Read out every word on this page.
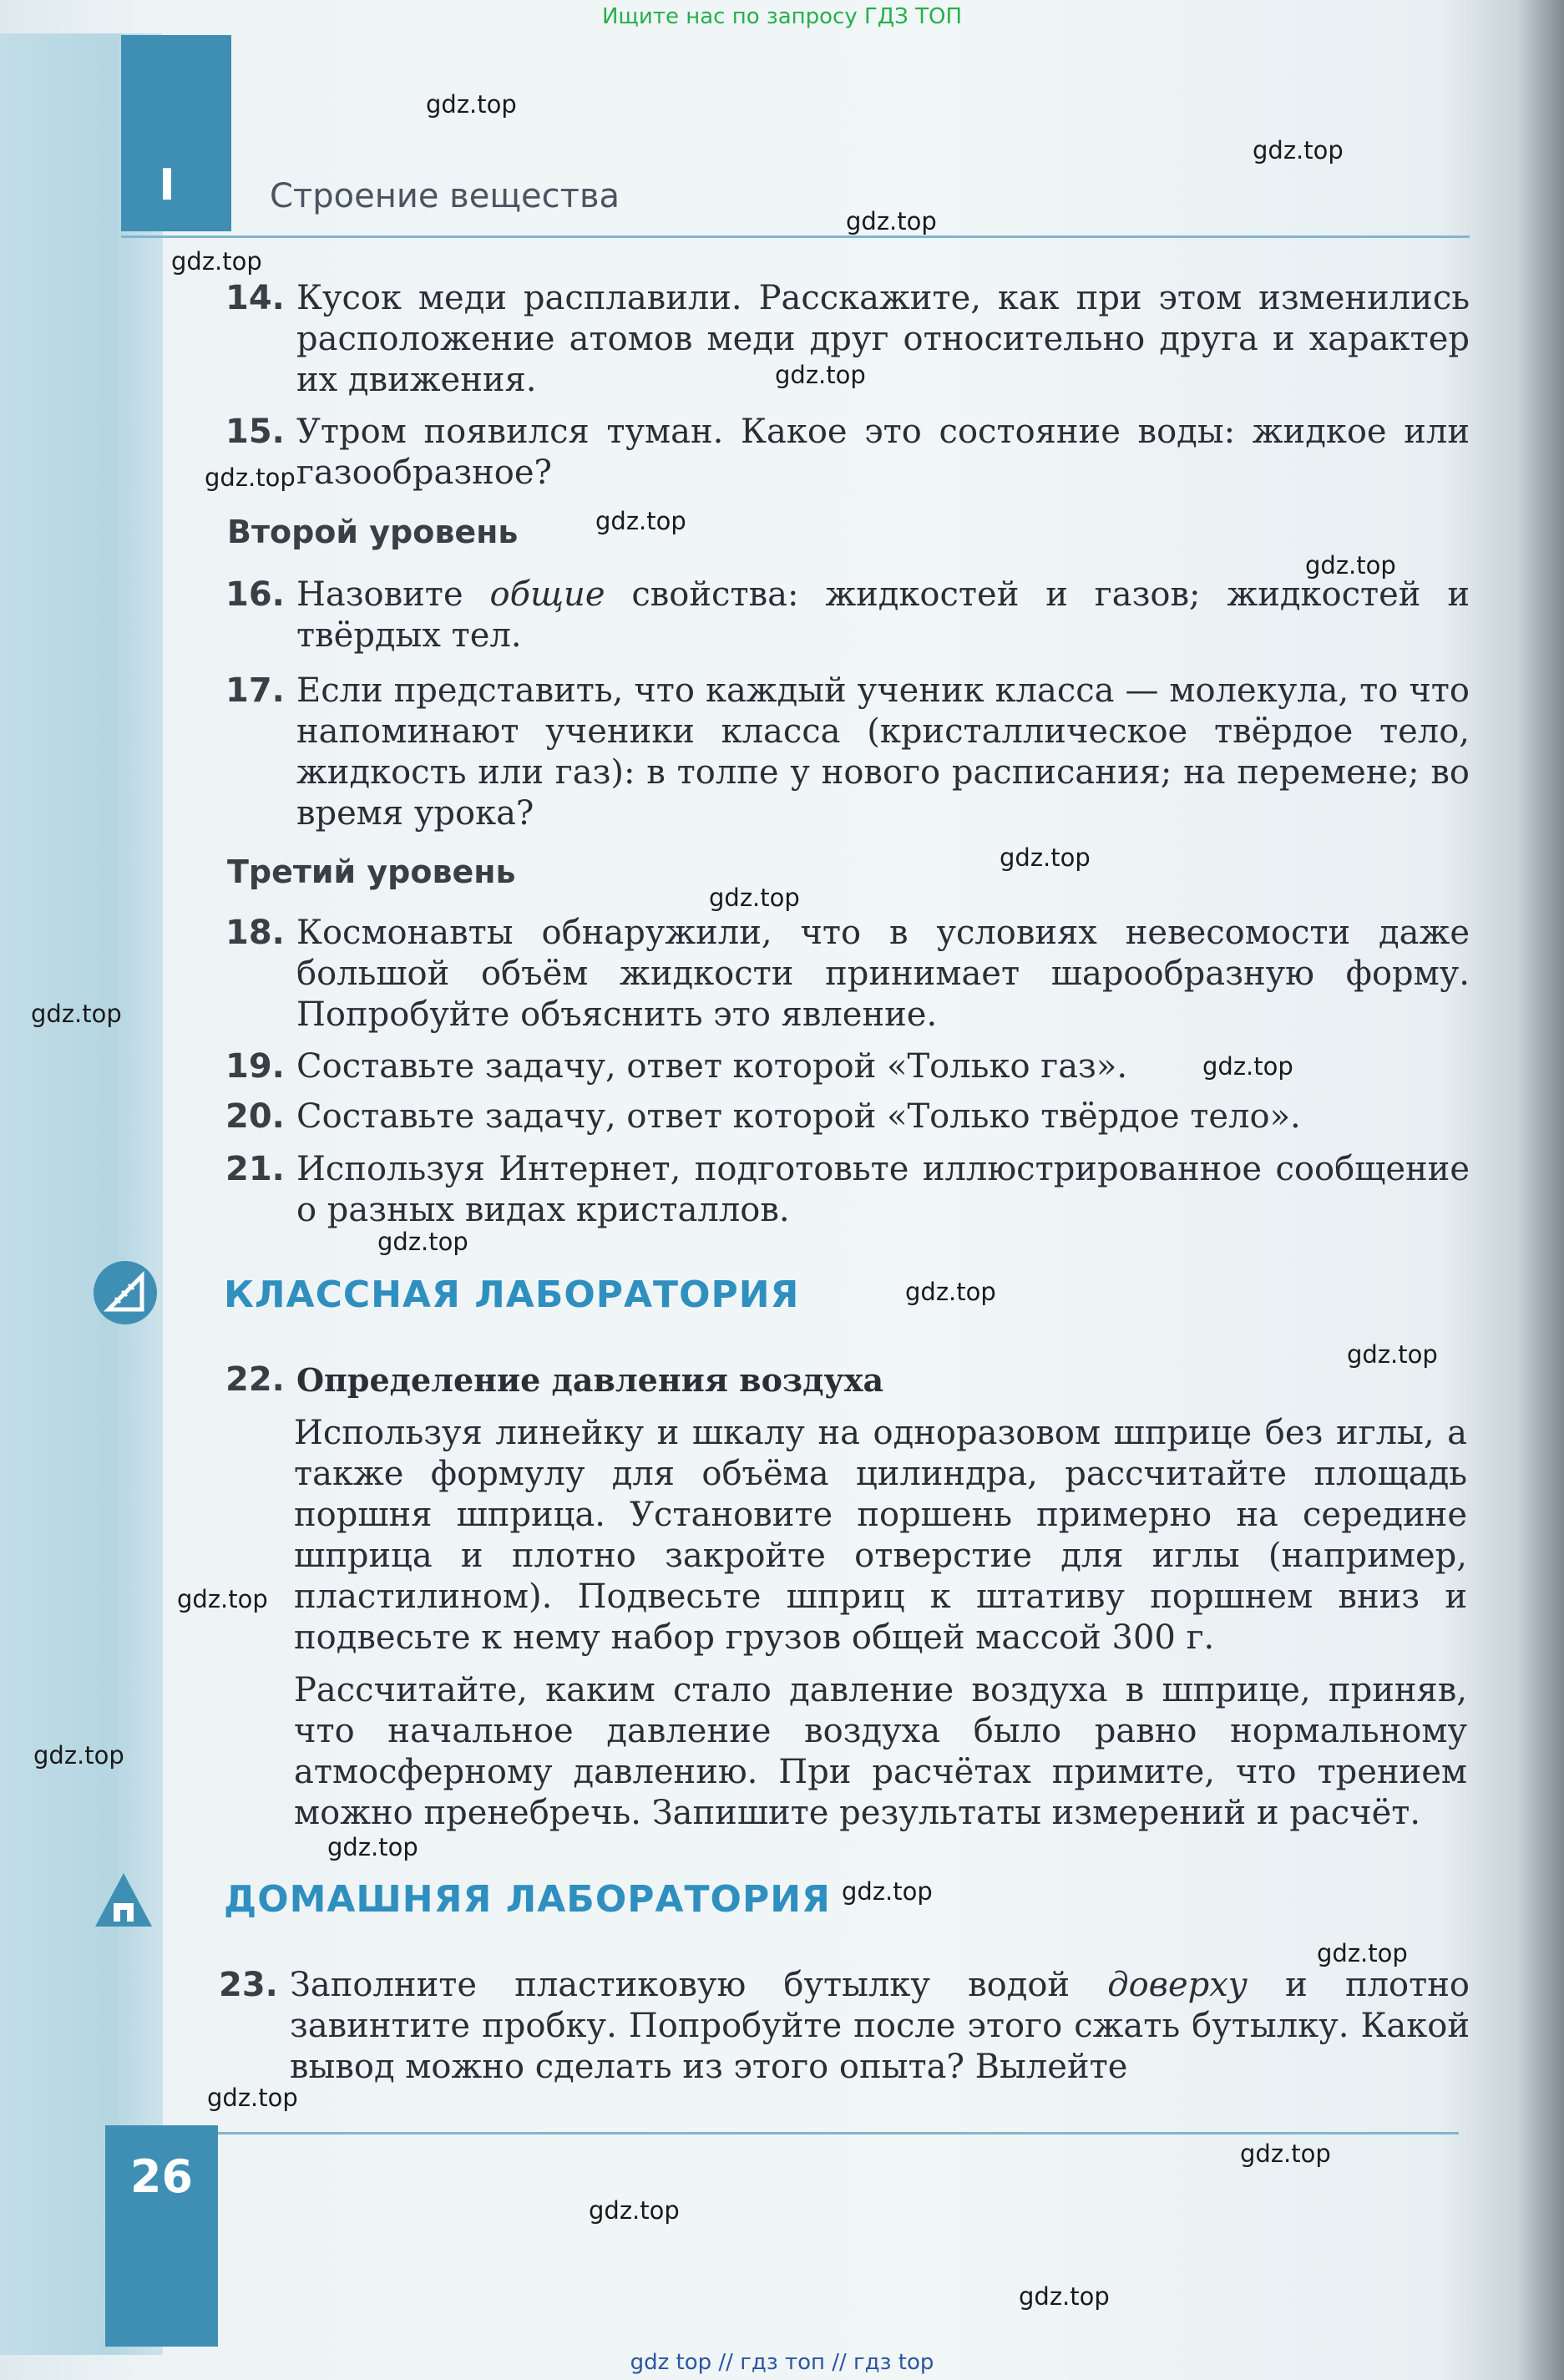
Ищите нас по запросу ГДЗ ТОП
I	Строение вещества
14. Кусок меди расплавили. Расскажите, как при этом изменились расположение атомов меди друг относительно друга и характер их движения.
15. Утром появился туман. Какое это состояние воды: жидкое или газообразное?
Второй уровень
16. Назовите общие свойства: жидкостей и газов; жидкостей и твёрдых тел.
17. Если представить, что каждый ученик класса — молекула, то что напоминают ученики класса (кристаллическое твёрдое тело, жидкость или газ): в толпе у нового расписания; на перемене; во время урока?
Третий уровень
18. Космонавты обнаружили, что в условиях невесомости даже большой объём жидкости принимает шарообразную форму. Попробуйте объяснить это явление.
19. Составьте задачу, ответ которой «Только газ».
20. Составьте задачу, ответ которой «Только твёрдое тело».
21. Используя Интернет, подготовьте иллюстрированное сообщение о разных видах кристаллов.
КЛАССНАЯ ЛАБОРАТОРИЯ
22. Определение давления воздуха
Используя линейку и шкалу на одноразовом шприце без иглы, а также формулу для объёма цилиндра, рассчитайте площадь поршня шприца. Установите поршень примерно на середине шприца и плотно закройте отверстие для иглы (например, пластилином). Подвесьте шприц к штативу поршнем вниз и подвесьте к нему набор грузов общей массой 300 г.
Рассчитайте, каким стало давление воздуха в шприце, приняв, что начальное давление воздуха было равно нормальному атмосферному давлению. При расчётах примите, что трением можно пренебречь. Запишите результаты измерений и расчёт.
ДОМАШНЯЯ ЛАБОРАТОРИЯ
23. Заполните пластиковую бутылку водой доверху и плотно завинтите пробку. Попробуйте после этого сжать бутылку. Какой вывод можно сделать из этого опыта? Вылейте
26
gdz.top
gdz.top
gdz.top
gdz.top
gdz.top
gdz.top
gdz.top
gdz.top
gdz.top
gdz.top
gdz.top
gdz.top
gdz.top
gdz.top
gdz.top
gdz.top
gdz.top
gdz.top
gdz.top
gdz.top
gdz.top
gdz.top
gdz.top
gdz.top
gdz top // гдз топ // гдз top
